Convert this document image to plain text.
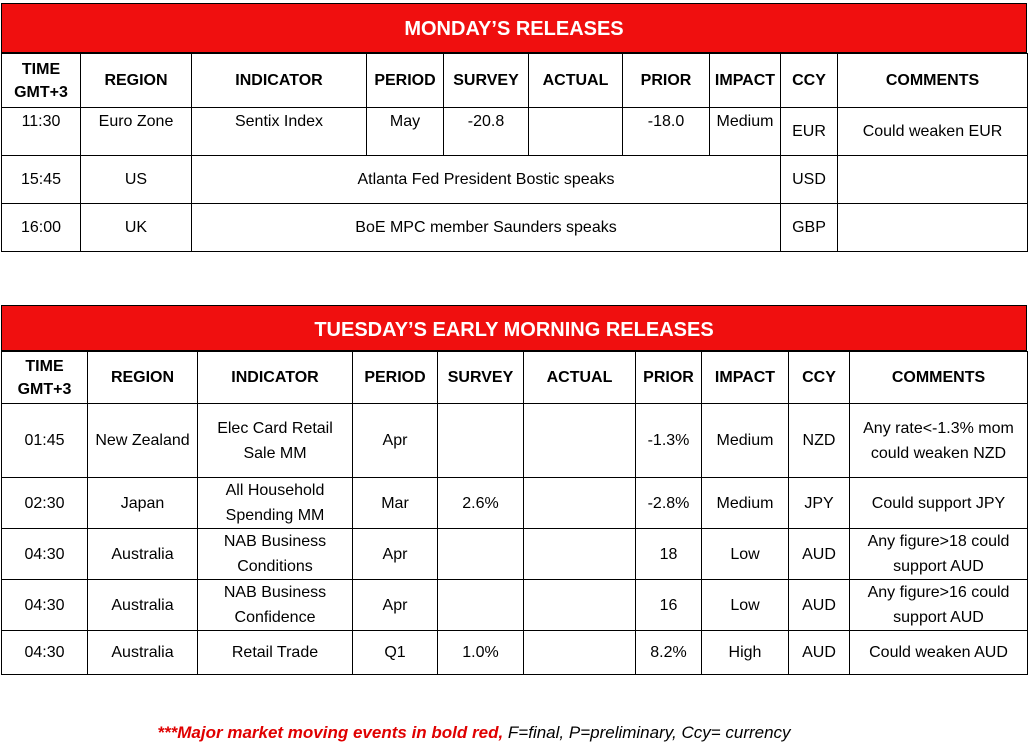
MONDAY’S RELEASES
TIME GMT+3	REGION	INDICATOR	PERIOD	SURVEY	ACTUAL	PRIOR	IMPACT	CCY	COMMENTS
11:30	Euro Zone	Sentix Index	May	-20.8		-18.0	Medium	EUR	Could weaken EUR
15:45	US	Atlanta Fed President Bostic speaks						USD	
16:00	UK	BoE MPC member Saunders speaks						GBP	
TUESDAY’S EARLY MORNING RELEASES
TIME GMT+3	REGION	INDICATOR	PERIOD	SURVEY	ACTUAL	PRIOR	IMPACT	CCY	COMMENTS
01:45	New Zealand	Elec Card Retail Sale MM	Apr			-1.3%	Medium	NZD	Any rate<-1.3% mom could weaken NZD
02:30	Japan	All Household Spending MM	Mar	2.6%		-2.8%	Medium	JPY	Could support JPY
04:30	Australia	NAB Business Conditions	Apr			18	Low	AUD	Any figure>18 could support AUD
04:30	Australia	NAB Business Confidence	Apr			16	Low	AUD	Any figure>16 could support AUD
04:30	Australia	Retail Trade	Q1	1.0%		8.2%	High	AUD	Could weaken AUD
***Major market moving events in bold red, F=final, P=preliminary, Ccy= currency
